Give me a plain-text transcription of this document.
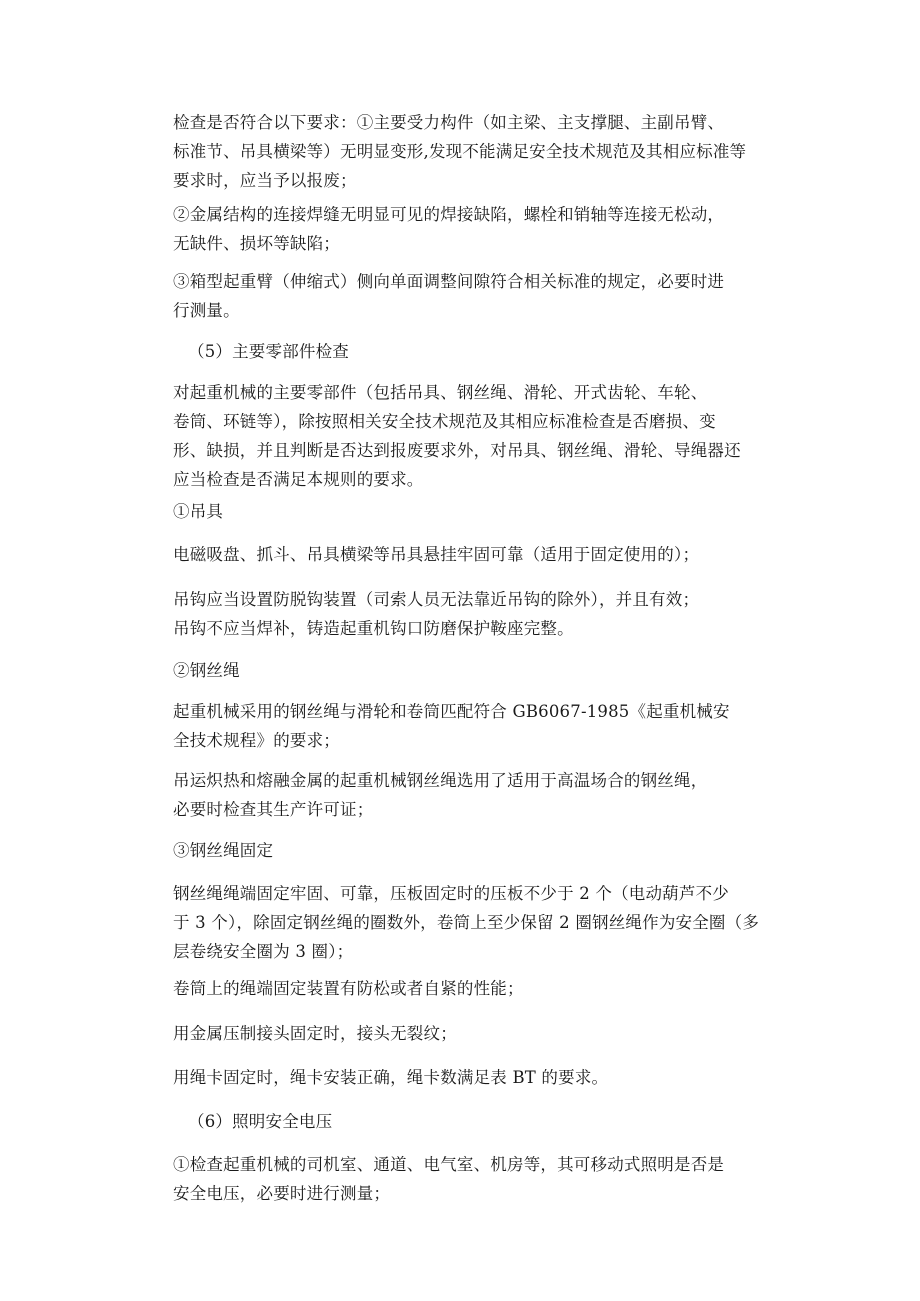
检查是否符合以下要求：①主要受力构件（如主梁、主支撑腿、主副吊臂、
标准节、吊具横梁等）无明显变形,发现不能满足安全技术规范及其相应标准等
要求时，应当予以报废；
②金属结构的连接焊缝无明显可见的焊接缺陷，螺栓和销轴等连接无松动，
无缺件、损坏等缺陷；
③箱型起重臂（伸缩式）侧向单面调整间隙符合相关标准的规定，必要时进
行测量。
（5）主要零部件检查
对起重机械的主要零部件（包括吊具、钢丝绳、滑轮、开式齿轮、车轮、
卷筒、环链等），除按照相关安全技术规范及其相应标准检查是否磨损、变
形、缺损，并且判断是否达到报废要求外，对吊具、钢丝绳、滑轮、导绳器还
应当检查是否满足本规则的要求。
①吊具
电磁吸盘、抓斗、吊具横梁等吊具悬挂牢固可靠（适用于固定使用的）；
吊钩应当设置防脱钩装置（司索人员无法靠近吊钩的除外），并且有效；
吊钩不应当焊补，铸造起重机钩口防磨保护鞍座完整。
②钢丝绳
起重机械采用的钢丝绳与滑轮和卷筒匹配符合 GB6067-1985《起重机械安
全技术规程》的要求；
吊运炽热和熔融金属的起重机械钢丝绳选用了适用于高温场合的钢丝绳，
必要时检查其生产许可证；
③钢丝绳固定
钢丝绳绳端固定牢固、可靠，压板固定时的压板不少于 2 个（电动葫芦不少
于 3 个），除固定钢丝绳的圈数外，卷筒上至少保留 2 圈钢丝绳作为安全圈（多
层卷绕安全圈为 3 圈）；
卷筒上的绳端固定装置有防松或者自紧的性能；
用金属压制接头固定时，接头无裂纹；
用绳卡固定时，绳卡安装正确，绳卡数满足表 BT 的要求。
（6）照明安全电压
①检查起重机械的司机室、通道、电气室、机房等，其可移动式照明是否是
安全电压，必要时进行测量；
